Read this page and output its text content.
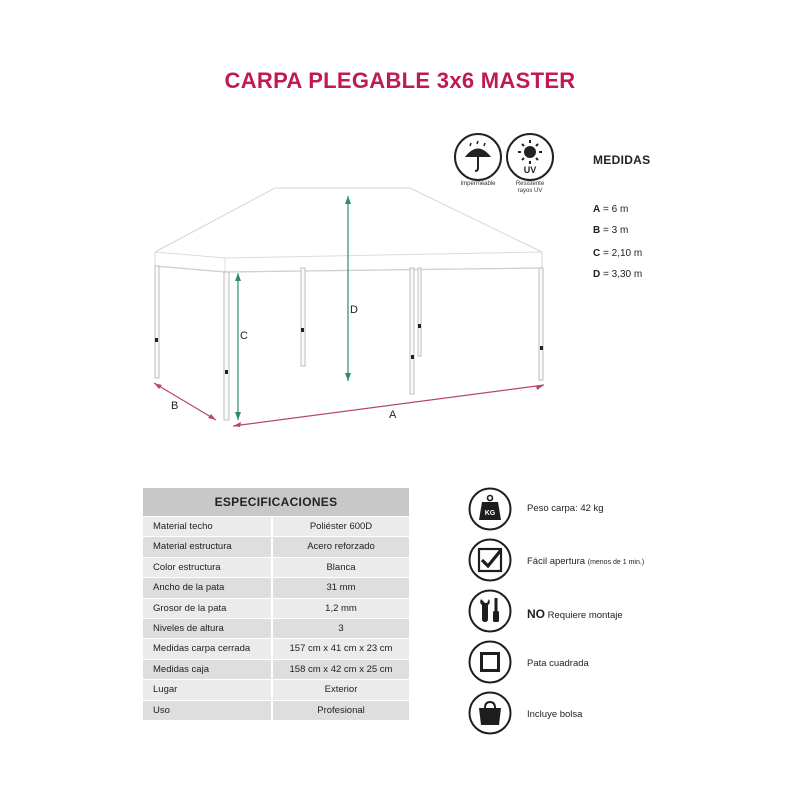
CARPA PLEGABLE 3x6 MASTER
Impermeable
UV
Resistente
rayos UV
MEDIDAS
A = 6 m
B = 3 m
C = 2,10 m
D = 3,30 m
A
B
C
D
ESPECIFICACIONES
Material techo	Poliéster 600D
Material estructura	Acero reforzado
Color estructura	Blanca
Ancho de la pata	31 mm
Grosor de la pata	1,2 mm
Niveles de altura	3
Medidas carpa cerrada	157 cm x 41 cm x 23 cm
Medidas caja	158 cm x 42 cm x 25 cm
Lugar	Exterior
Uso	Profesional
KG	Peso carpa: 42 kg
Fácil apertura (menos de 1 min.)
NO Requiere montaje
Pata cuadrada
Incluye bolsa
